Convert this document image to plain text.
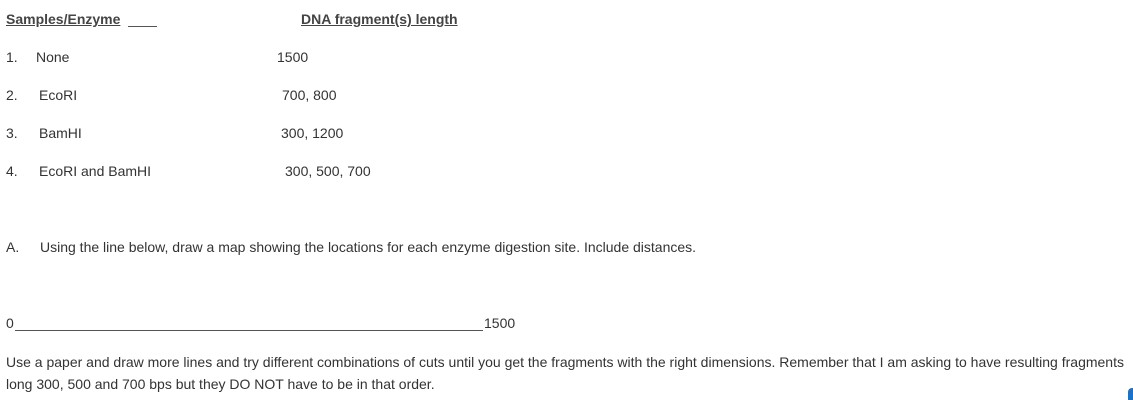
Samples/Enzyme	DNA fragment(s) length
1. None	1500
2. EcoRI	700, 800
3. BamHI	300, 1200
4. EcoRI and BamHI	300, 500, 700
A. Using the line below, draw a map showing the locations for each enzyme digestion site. Include distances.
0	1500
Use a paper and draw more lines and try different combinations of cuts until you get the fragments with the right dimensions. Remember that I am asking to have resulting fragments long 300, 500 and 700 bps but they DO NOT have to be in that order.
